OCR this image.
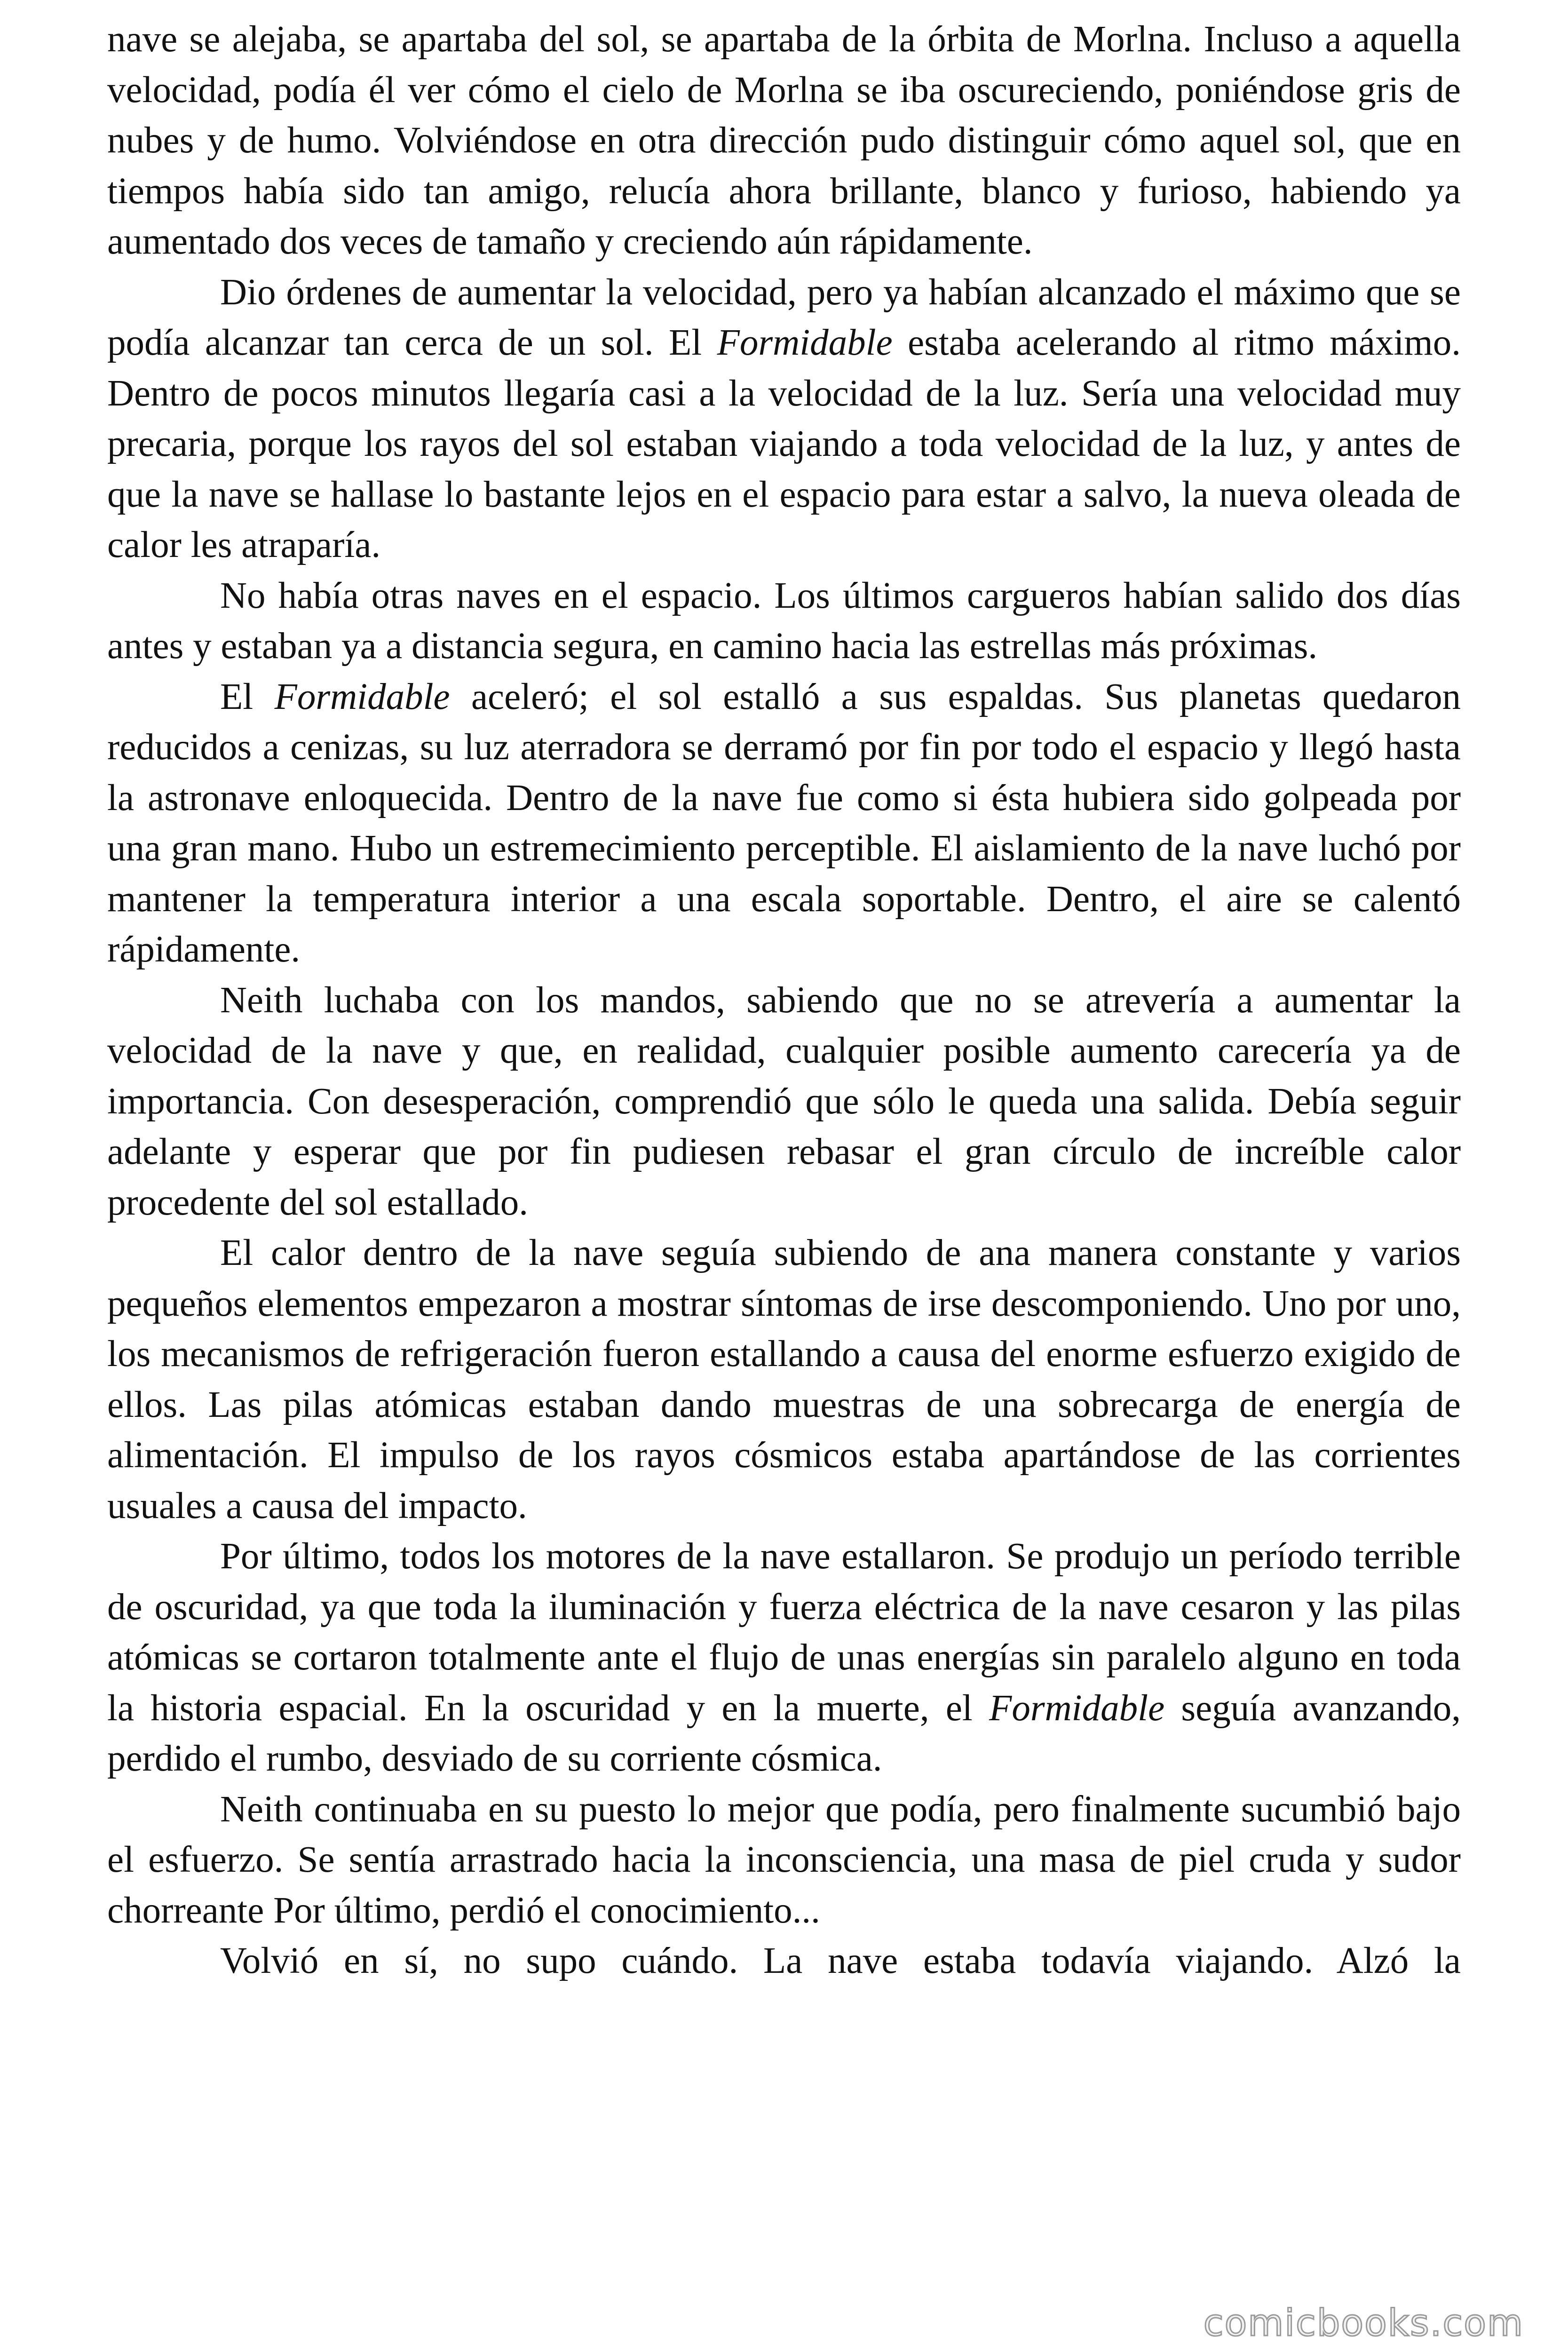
nave se alejaba, se apartaba del sol, se apartaba de la órbita de Morlna. Incluso a aquella velocidad, podía él ver cómo el cielo de Morlna se iba oscureciendo, poniéndose gris de nubes y de humo. Volviéndose en otra dirección pudo distinguir cómo aquel sol, que en tiempos había sido tan amigo, relucía ahora brillante, blanco y furioso, habiendo ya aumentado dos veces de tamaño y creciendo aún rápidamente.

Dio órdenes de aumentar la velocidad, pero ya habían alcanzado el máximo que se podía alcanzar tan cerca de un sol. El Formidable estaba acelerando al ritmo máximo. Dentro de pocos minutos llegaría casi a la velocidad de la luz. Sería una velocidad muy precaria, porque los rayos del sol estaban viajando a toda velocidad de la luz, y antes de que la nave se hallase lo bastante lejos en el espacio para estar a salvo, la nueva oleada de calor les atraparía.

No había otras naves en el espacio. Los últimos cargueros habían salido dos días antes y estaban ya a distancia segura, en camino hacia las estrellas más próximas.

El Formidable aceleró; el sol estalló a sus espaldas. Sus planetas quedaron reducidos a cenizas, su luz aterradora se derramó por fin por todo el espacio y llegó hasta la astronave enloquecida. Dentro de la nave fue como si ésta hubiera sido golpeada por una gran mano. Hubo un estremecimiento perceptible. El aislamiento de la nave luchó por mantener la temperatura interior a una escala soportable. Dentro, el aire se calentó rápidamente.

Neith luchaba con los mandos, sabiendo que no se atrevería a aumentar la velocidad de la nave y que, en realidad, cualquier posible aumento carecería ya de importancia. Con desesperación, comprendió que sólo le queda una salida. Debía seguir adelante y esperar que por fin pudiesen rebasar el gran círculo de increíble calor procedente del sol estallado.

El calor dentro de la nave seguía subiendo de ana manera constante y varios pequeños elementos empezaron a mostrar síntomas de irse descomponiendo. Uno por uno, los mecanismos de refrigeración fueron estallando a causa del enorme esfuerzo exigido de ellos. Las pilas atómicas estaban dando muestras de una sobrecarga de energía de alimentación. El impulso de los rayos cósmicos estaba apartándose de las corrientes usuales a causa del impacto.

Por último, todos los motores de la nave estallaron. Se produjo un período terrible de oscuridad, ya que toda la iluminación y fuerza eléctrica de la nave cesaron y las pilas atómicas se cortaron totalmente ante el flujo de unas energías sin paralelo alguno en toda la historia espacial. En la oscuridad y en la muerte, el Formidable seguía avanzando, perdido el rumbo, desviado de su corriente cósmica.

Neith continuaba en su puesto lo mejor que podía, pero finalmente sucumbió bajo el esfuerzo. Se sentía arrastrado hacia la inconsciencia, una masa de piel cruda y sudor chorreante Por último, perdió el conocimiento...

Volvió en sí, no supo cuándo. La nave estaba todavía viajando. Alzó la

comicbooks.com
